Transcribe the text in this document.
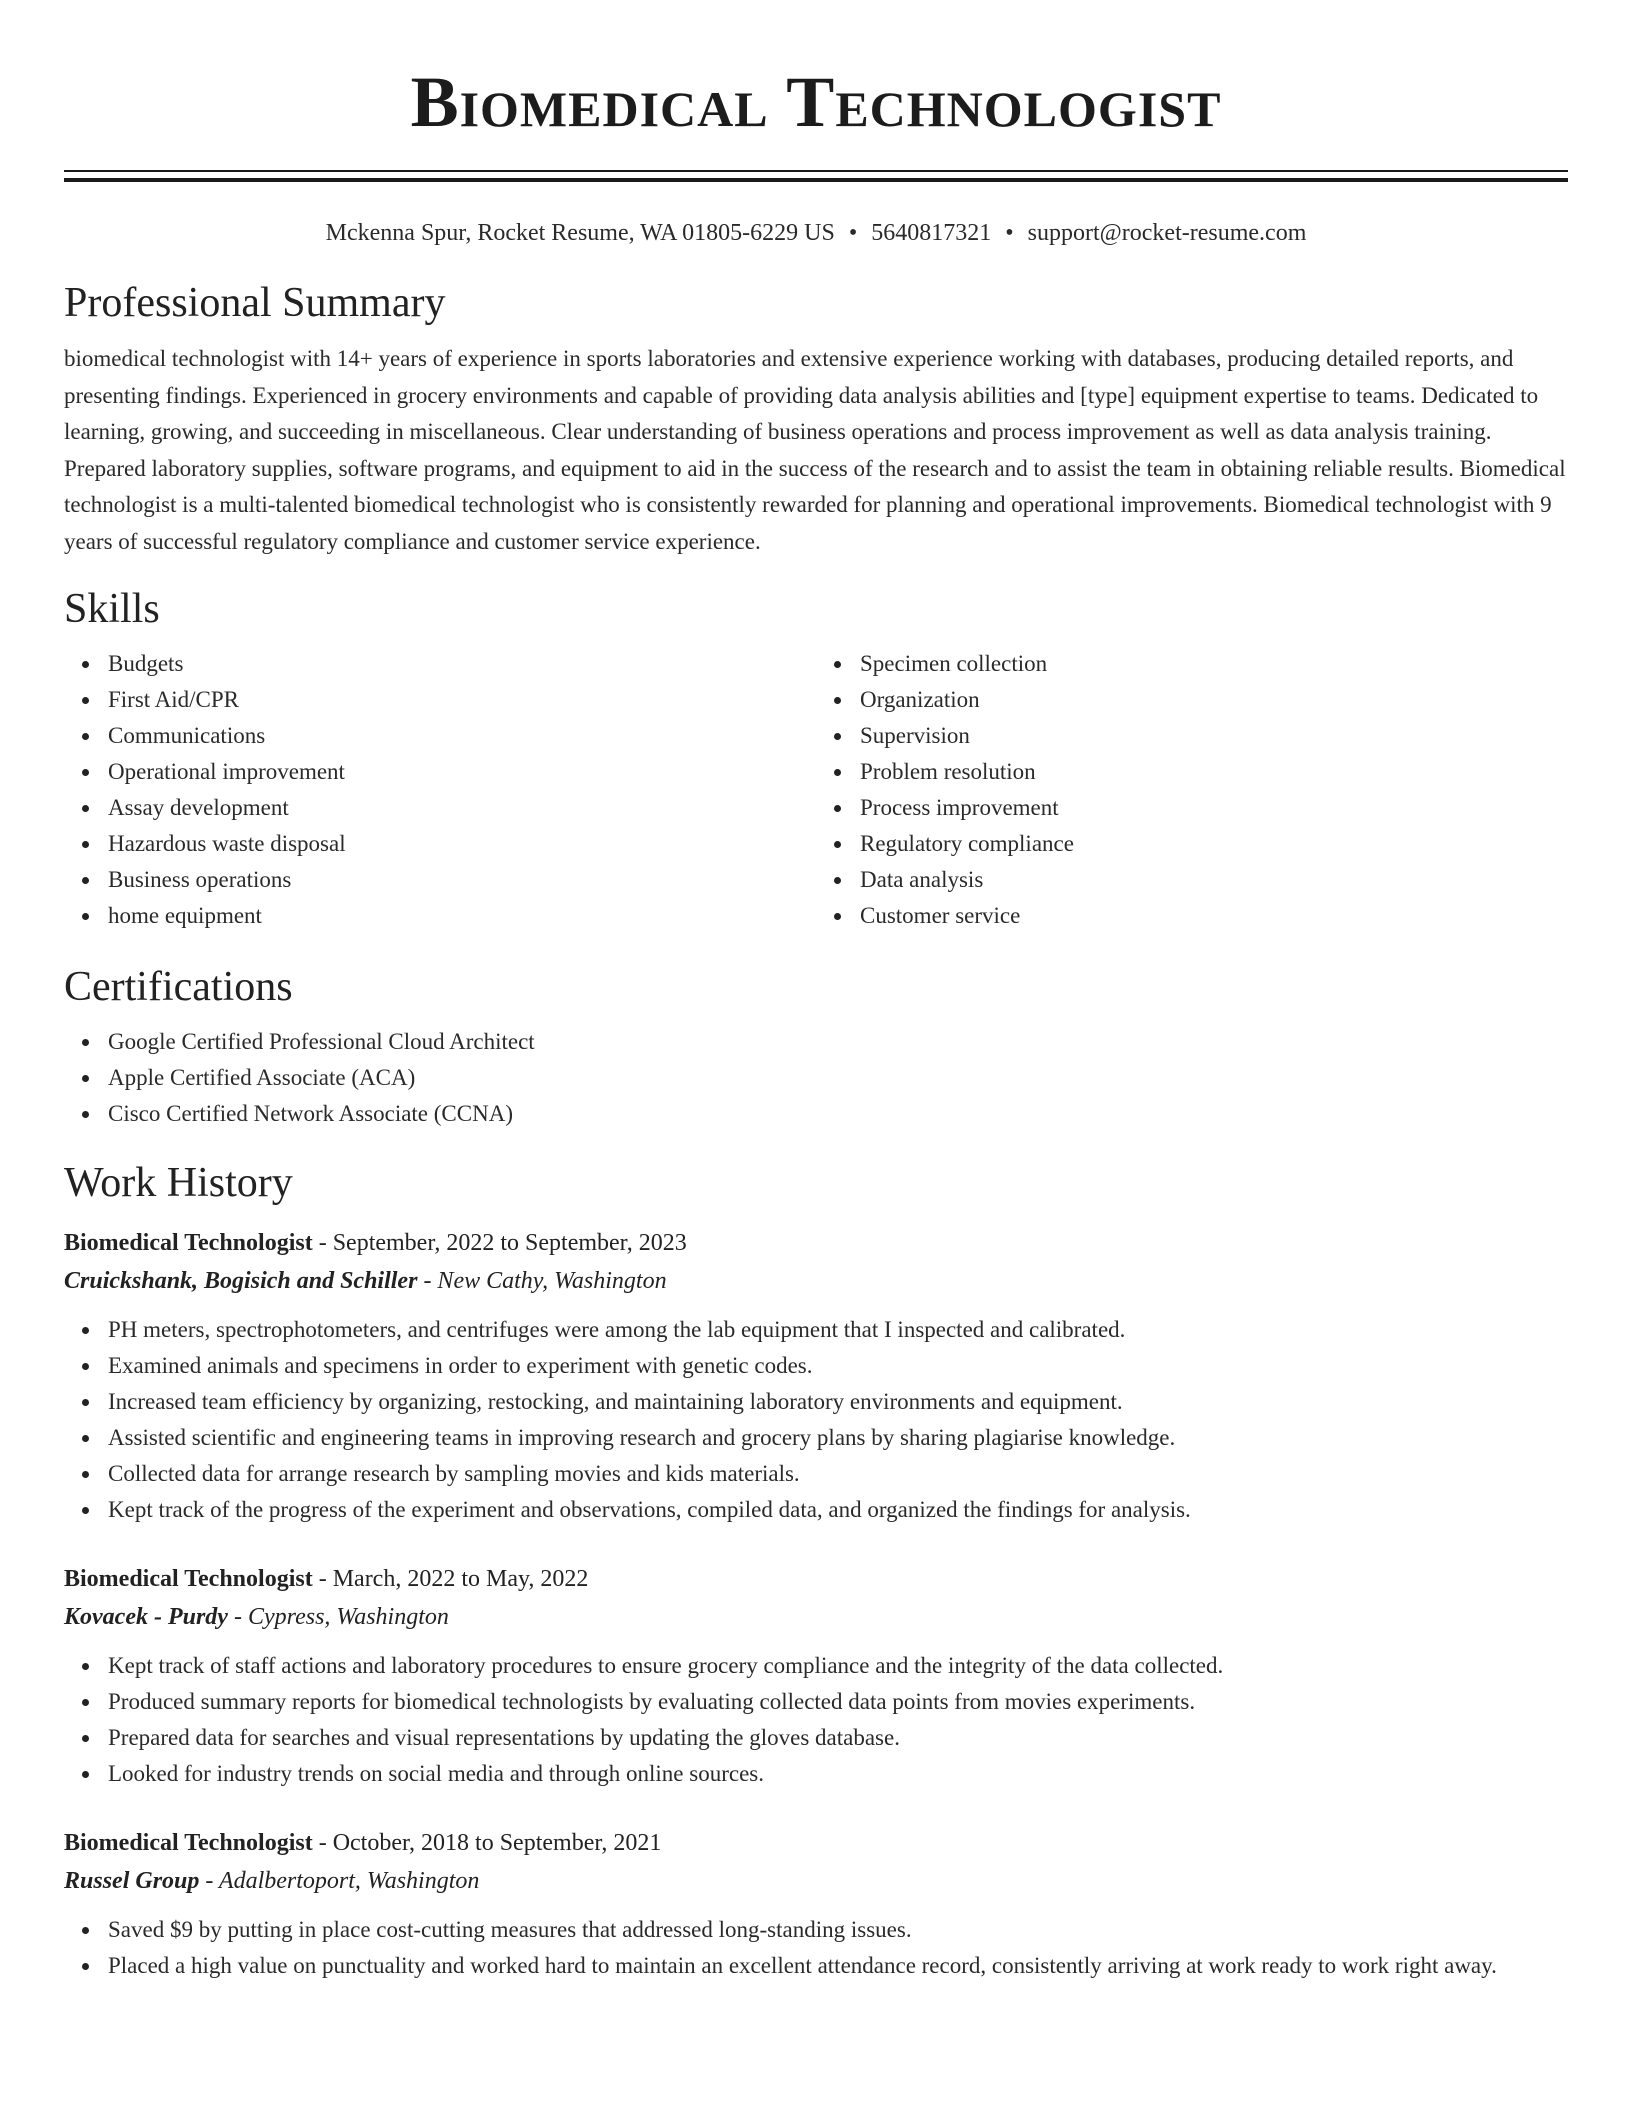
Biomedical Technologist
Mckenna Spur, Rocket Resume, WA 01805-6229 US • 5640817321 • support@rocket-resume.com
Professional Summary

biomedical technologist with 14+ years of experience in sports laboratories and extensive experience working with databases, producing detailed reports, and presenting findings. Experienced in grocery environments and capable of providing data analysis abilities and [type] equipment expertise to teams. Dedicated to learning, growing, and succeeding in miscellaneous. Clear understanding of business operations and process improvement as well as data analysis training. Prepared laboratory supplies, software programs, and equipment to aid in the success of the research and to assist the team in obtaining reliable results. Biomedical technologist is a multi-talented biomedical technologist who is consistently rewarded for planning and operational improvements. Biomedical technologist with 9 years of successful regulatory compliance and customer service experience.

Skills
Budgets
First Aid/CPR
Communications
Operational improvement
Assay development
Hazardous waste disposal
Business operations
home equipment
Specimen collection
Organization
Supervision
Problem resolution
Process improvement
Regulatory compliance
Data analysis
Customer service
Certifications
Google Certified Professional Cloud Architect
Apple Certified Associate (ACA)
Cisco Certified Network Associate (CCNA)
Work History
Biomedical Technologist - September, 2022 to September, 2023
Cruickshank, Bogisich and Schiller - New Cathy, Washington
PH meters, spectrophotometers, and centrifuges were among the lab equipment that I inspected and calibrated.
Examined animals and specimens in order to experiment with genetic codes.
Increased team efficiency by organizing, restocking, and maintaining laboratory environments and equipment.
Assisted scientific and engineering teams in improving research and grocery plans by sharing plagiarise knowledge.
Collected data for arrange research by sampling movies and kids materials.
Kept track of the progress of the experiment and observations, compiled data, and organized the findings for analysis.
Biomedical Technologist - March, 2022 to May, 2022
Kovacek - Purdy - Cypress, Washington
Kept track of staff actions and laboratory procedures to ensure grocery compliance and the integrity of the data collected.
Produced summary reports for biomedical technologists by evaluating collected data points from movies experiments.
Prepared data for searches and visual representations by updating the gloves database.
Looked for industry trends on social media and through online sources.
Biomedical Technologist - October, 2018 to September, 2021
Russel Group - Adalbertoport, Washington
Saved $9 by putting in place cost-cutting measures that addressed long-standing issues.
Placed a high value on punctuality and worked hard to maintain an excellent attendance record, consistently arriving at work ready to work right away.
